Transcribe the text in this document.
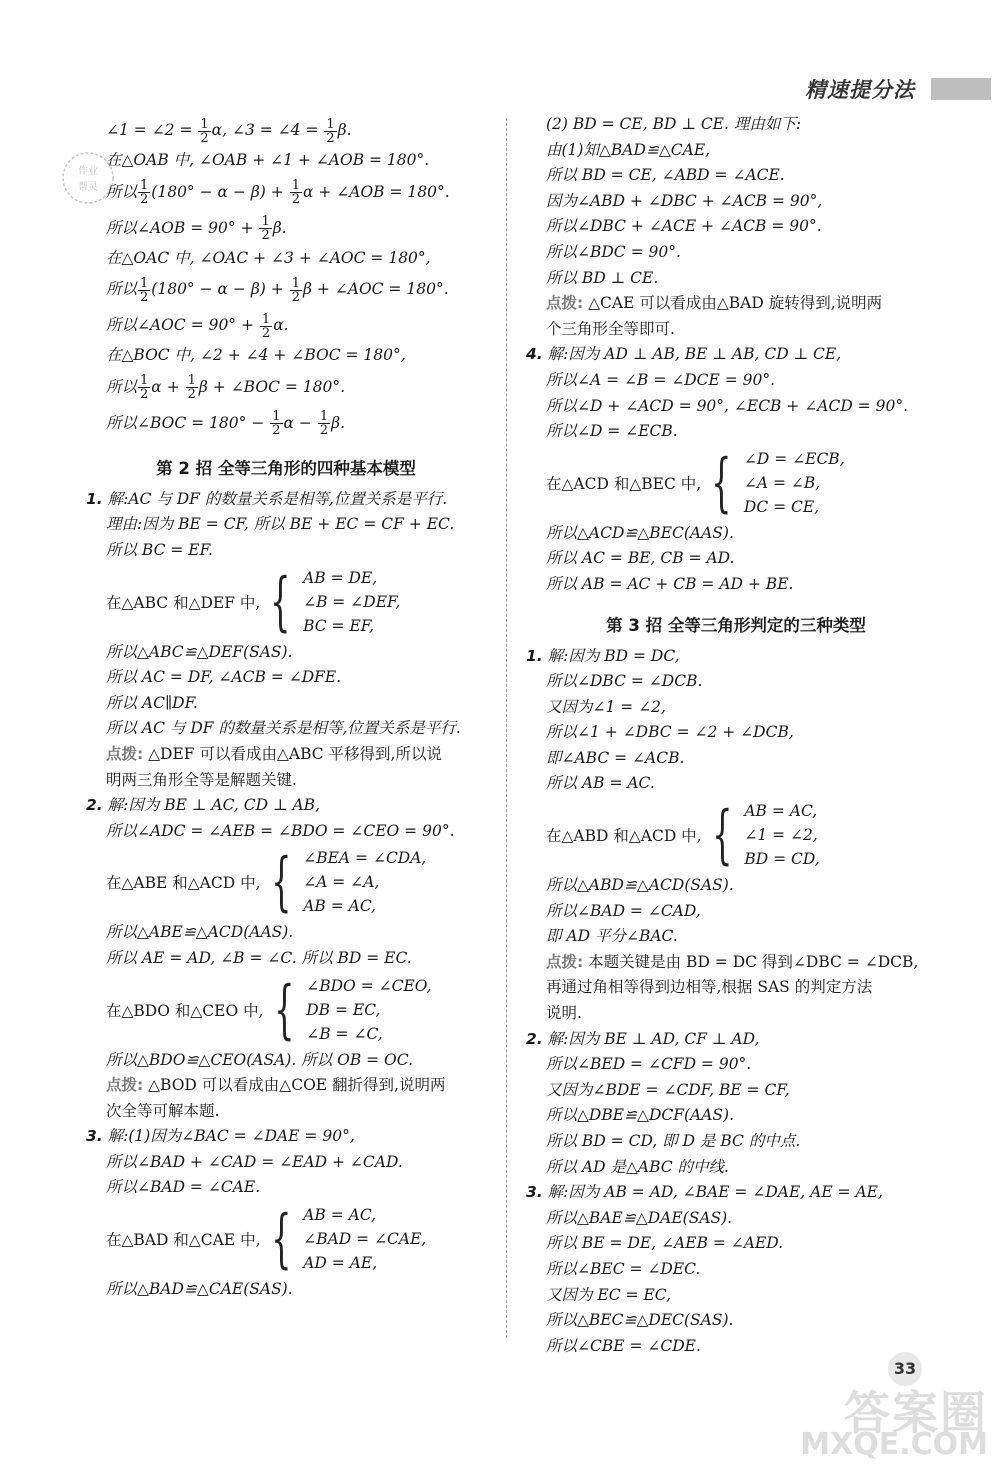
精速提分法
作业
帮灵
∠1 = ∠2 = $\frac{1}{2} \alpha$, ∠3 = ∠4 = $\frac{1}{2} \beta$.
在△OAB 中, ∠OAB + ∠1 + ∠AOB = 180°.
所以 $\frac{1}{2} (180^\circ - \alpha - \beta) + \frac{1}{2}$ α + ∠AOB = 180°.
所以∠AOB = $90^\circ + \frac{1}{2} \beta$.
在△OAC 中, ∠OAC + ∠3 + ∠AOC = 180°,
所以 $\frac{1}{2} (180^\circ - \alpha - \beta) + \frac{1}{2}$ β + ∠AOC = 180°.
所以∠AOC = $90^\circ + \frac{1}{2} \alpha$.
在△BOC 中, ∠2 + ∠4 + ∠BOC = 180°,
所以 $\frac{1}{2}$ $\alpha + \frac{1}{2}$ β + ∠BOC = 180°.
所以∠BOC = $180^\circ - \frac{1}{2}$ $\alpha - \frac{1}{2} \beta$.
第 2 招 全等三角形的四种基本模型
1. 解:AC 与 DF 的数量关系是相等,位置关系是平行.
理由:因为 BE = CF, 所以 BE + EC = CF + EC.
所以 BC = EF.
在△ABC 和△DEF 中, { AB = DE,
∠B = ∠DEF,
BC = EF,
所以△ABC≌△DEF(SAS).
所以 AC = DF, ∠ACB = ∠DFE.
所以 AC∥DF.
所以 AC 与 DF 的数量关系是相等,位置关系是平行.
点拨: △DEF 可以看成由△ABC 平移得到,所以说
明两三角形全等是解题关键.
2. 解:因为 BE ⊥ AC, CD ⊥ AB,
所以∠ADC = ∠AEB = ∠BDO = ∠CEO = 90°.
在△ABE 和△ACD 中, { ∠BEA = ∠CDA,
∠A = ∠A,
AB = AC,
所以△ABE≌△ACD(AAS).
所以 AE = AD, ∠B = ∠C. 所以 BD = EC.
在△BDO 和△CEO 中, { ∠BDO = ∠CEO,
DB = EC,
∠B = ∠C,
所以△BDO≌△CEO(ASA). 所以 OB = OC.
点拨: △BOD 可以看成由△COE 翻折得到,说明两
次全等可解本题.
3. 解:(1)因为∠BAC = ∠DAE = 90°,
所以∠BAD + ∠CAD = ∠EAD + ∠CAD.
所以∠BAD = ∠CAE.
在△BAD 和△CAE 中, { AB = AC,
∠BAD = ∠CAE,
AD = AE,
所以△BAD≌△CAE(SAS).
(2) BD = CE, BD ⊥ CE. 理由如下:
由(1)知△BAD≌△CAE,
所以 BD = CE, ∠ABD = ∠ACE.
因为∠ABD + ∠DBC + ∠ACB = 90°,
所以∠DBC + ∠ACE + ∠ACB = 90°.
所以∠BDC = 90°.
所以 BD ⊥ CE.
点拨: △CAE 可以看成由△BAD 旋转得到,说明两
个三角形全等即可.
4. 解:因为 AD ⊥ AB, BE ⊥ AB, CD ⊥ CE,
所以∠A = ∠B = ∠DCE = 90°.
所以∠D + ∠ACD = 90°, ∠ECB + ∠ACD = 90°.
所以∠D = ∠ECB.
在△ACD 和△BEC 中, { ∠D = ∠ECB,
∠A = ∠B,
DC = CE,
所以△ACD≌△BEC(AAS).
所以 AC = BE, CB = AD.
所以 AB = AC + CB = AD + BE.
第 3 招 全等三角形判定的三种类型
1. 解:因为 BD = DC,
所以∠DBC = ∠DCB.
又因为∠1 = ∠2,
所以∠1 + ∠DBC = ∠2 + ∠DCB,
即∠ABC = ∠ACB.
所以 AB = AC.
在△ABD 和△ACD 中, { AB = AC,
∠1 = ∠2,
BD = CD,
所以△ABD≌△ACD(SAS).
所以∠BAD = ∠CAD,
即 AD 平分∠BAC.
点拨: 本题关键是由 BD = DC 得到∠DBC = ∠DCB,
再通过角相等得到边相等,根据 SAS 的判定方法
说明.
2. 解:因为 BE ⊥ AD, CF ⊥ AD,
所以∠BED = ∠CFD = 90°.
又因为∠BDE = ∠CDF, BE = CF,
所以△DBE≌△DCF(AAS).
所以 BD = CD, 即 D 是 BC 的中点.
所以 AD 是△ABC 的中线.
3. 解:因为 AB = AD, ∠BAE = ∠DAE, AE = AE,
所以△BAE≌△DAE(SAS).
所以 BE = DE, ∠AEB = ∠AED.
所以∠BEC = ∠DEC.
又因为 EC = EC,
所以△BEC≌△DEC(SAS).
所以∠CBE = ∠CDE.
33
答案圈
MXQE.COM
